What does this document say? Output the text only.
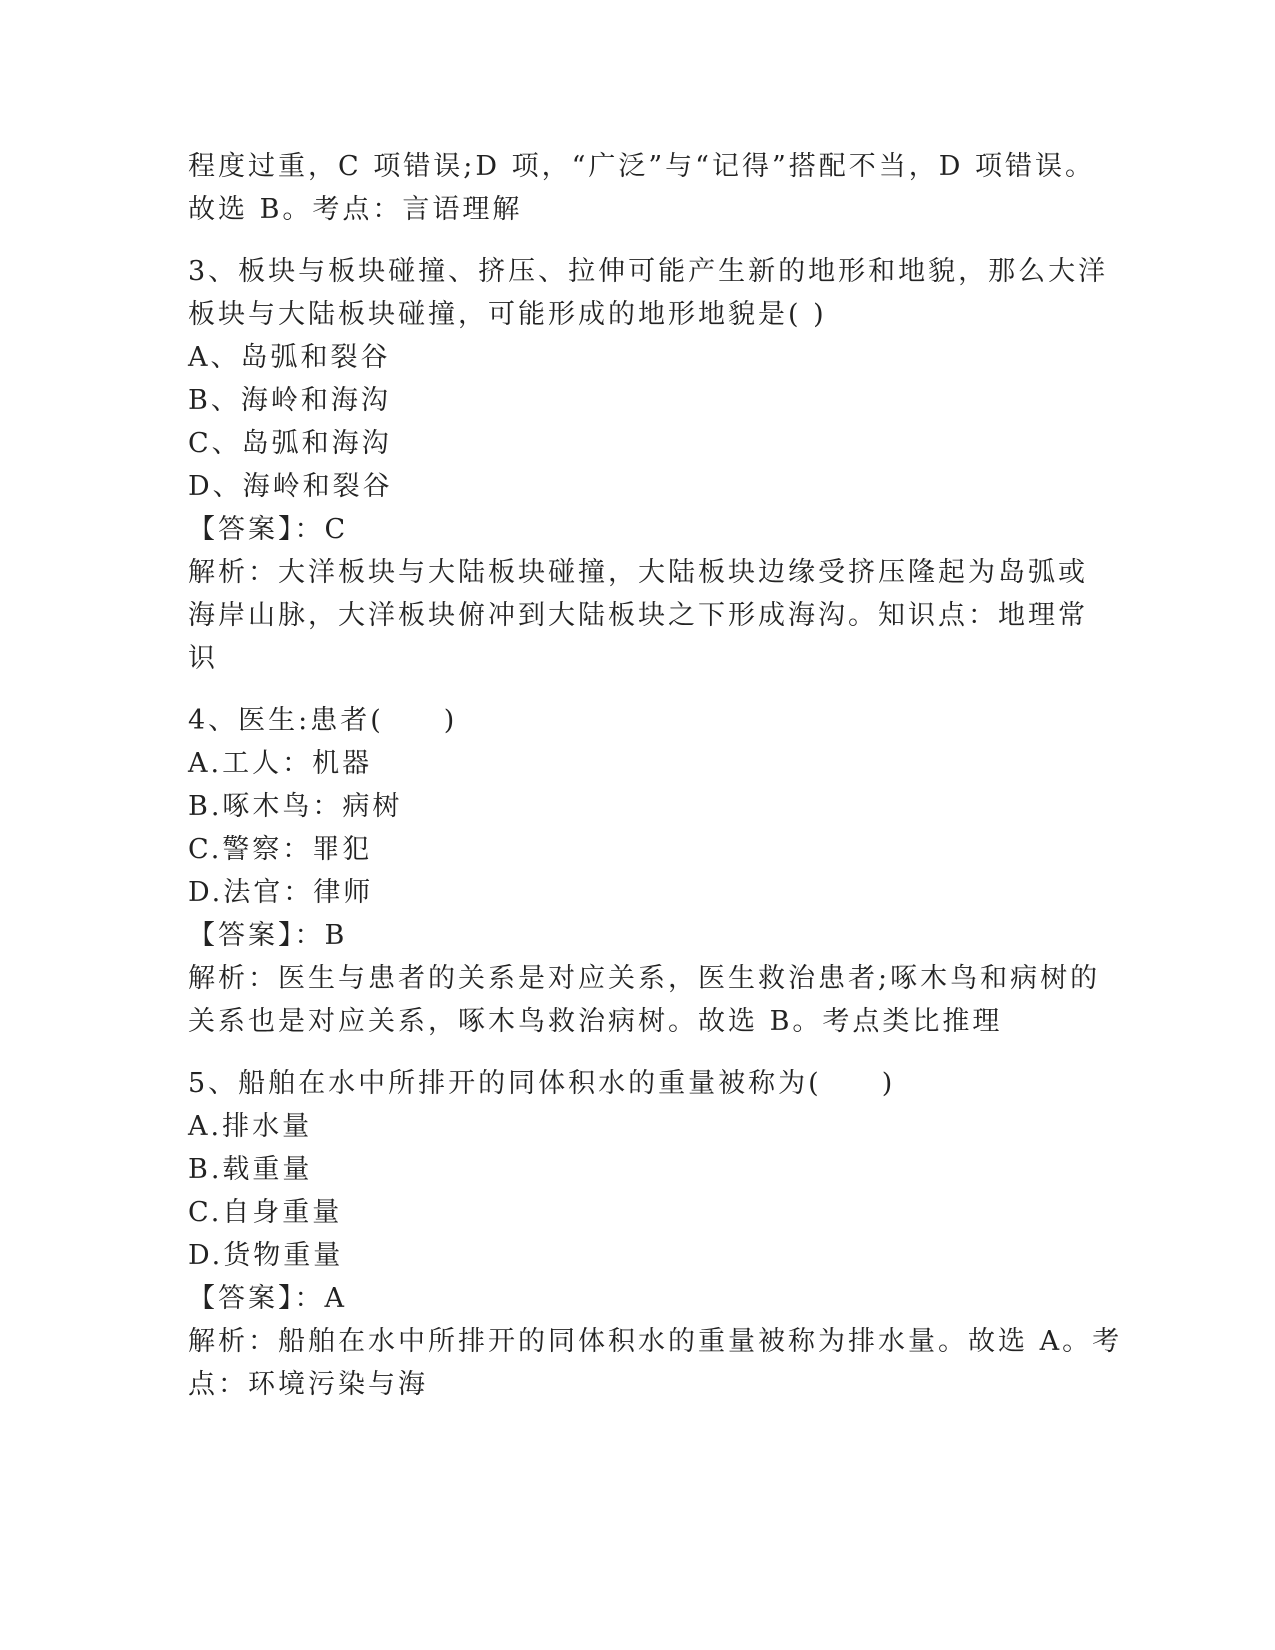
程度过重，C 项错误;D 项，“广泛”与“记得”搭配不当，D 项错误。
故选 B。考点：言语理解
3、板块与板块碰撞、挤压、拉伸可能产生新的地形和地貌，那么大洋
板块与大陆板块碰撞，可能形成的地形地貌是( )
A、岛弧和裂谷
B、海岭和海沟
C、岛弧和海沟
D、海岭和裂谷
【答案】：C
解析：大洋板块与大陆板块碰撞，大陆板块边缘受挤压隆起为岛弧或
海岸山脉，大洋板块俯冲到大陆板块之下形成海沟。知识点：地理常
识
4、医生:患者(　　)
A.工人：机器
B.啄木鸟：病树
C.警察：罪犯
D.法官：律师
【答案】：B
解析：医生与患者的关系是对应关系，医生救治患者;啄木鸟和病树的
关系也是对应关系，啄木鸟救治病树。故选 B。考点类比推理
5、船舶在水中所排开的同体积水的重量被称为(　　)
A.排水量
B.载重量
C.自身重量
D.货物重量
【答案】：A
解析：船舶在水中所排开的同体积水的重量被称为排水量。故选 A。考
点：环境污染与海
